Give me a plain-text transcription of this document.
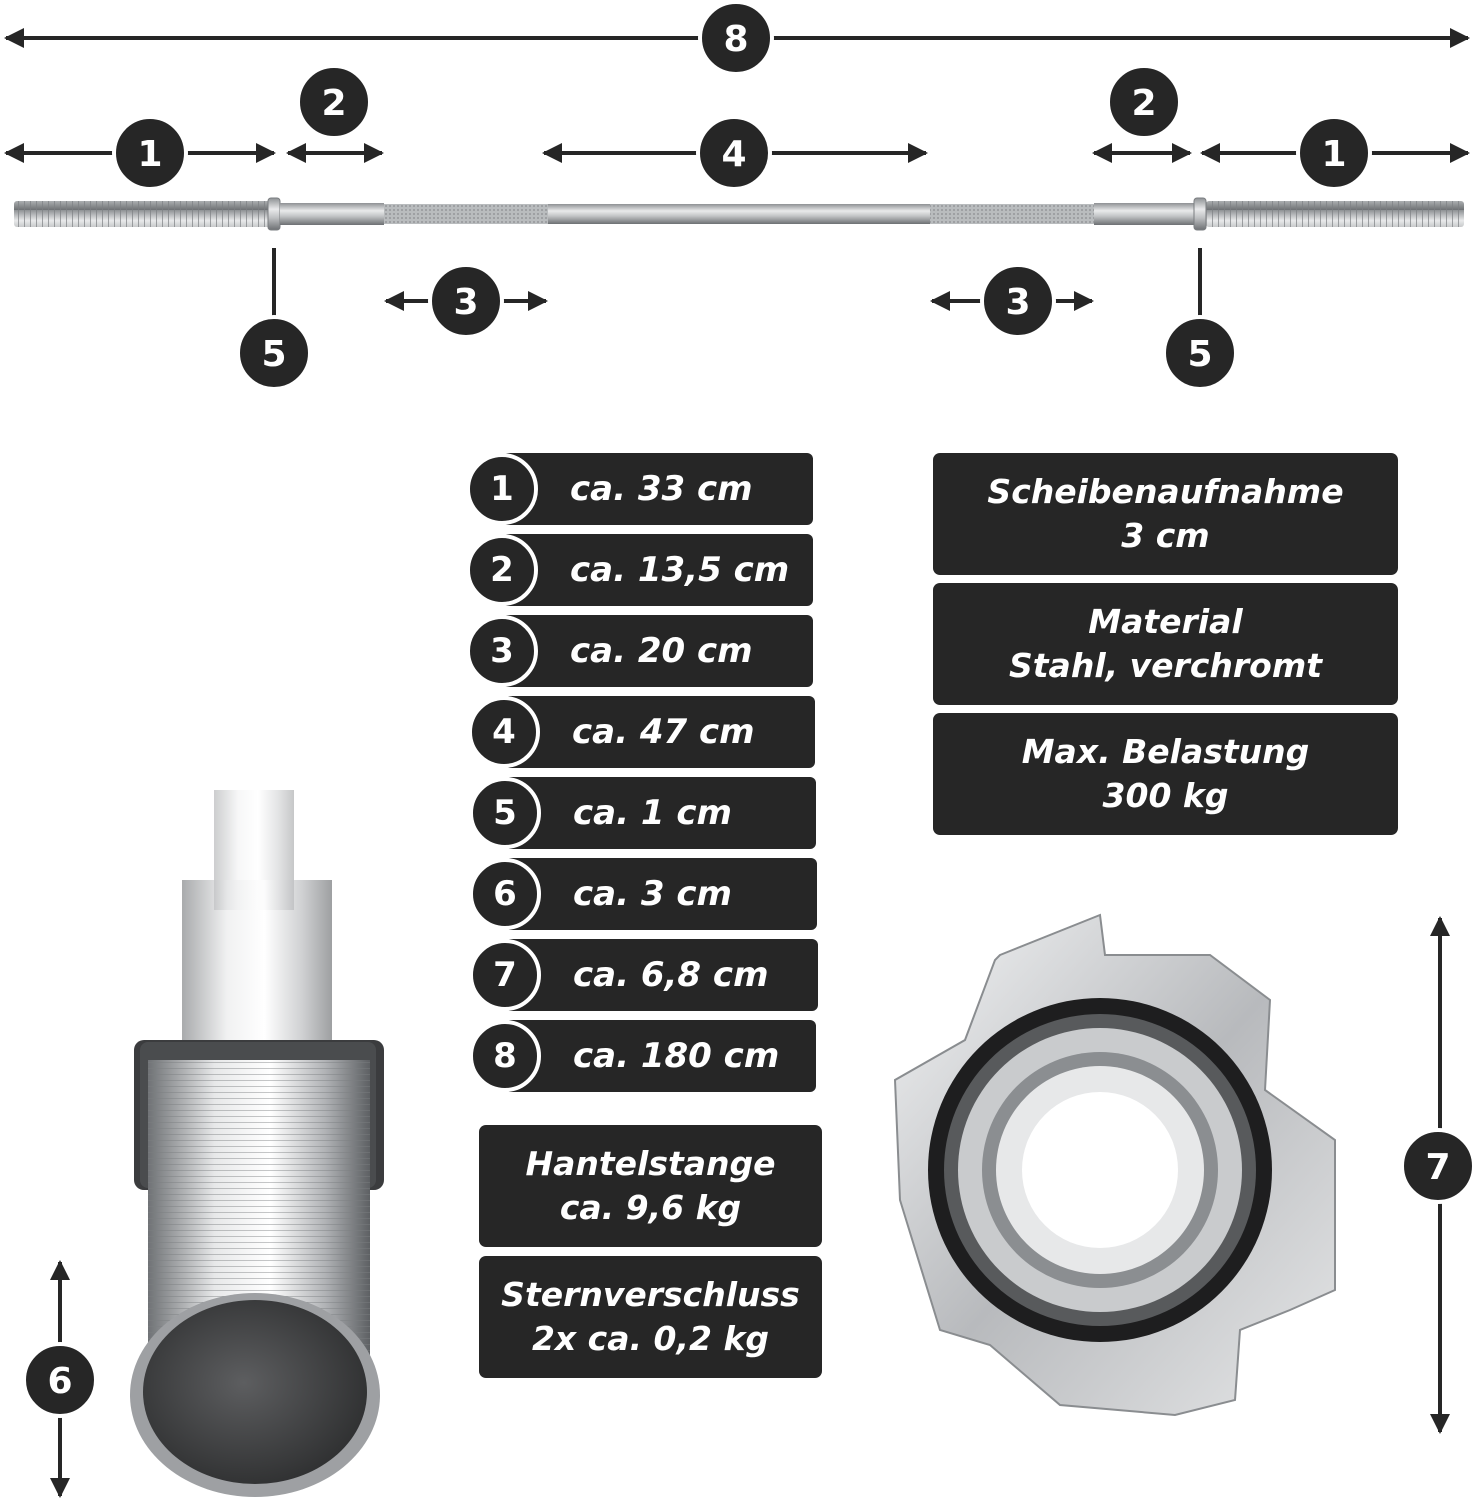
8
1
2
4
2
1
5	5
3	3
6
7
ca. 33 cm
1
ca. 13,5 cm
2
ca. 20 cm
3
ca. 47 cm
4
ca. 1 cm
5
ca. 3 cm
6
ca. 6,8 cm
7
ca. 180 cm
8
Hantelstange
ca. 9,6 kg
Sternverschluss
2x ca. 0,2 kg
Scheibenaufnahme
3 cm
Material
Stahl, verchromt
Max. Belastung
300 kg
